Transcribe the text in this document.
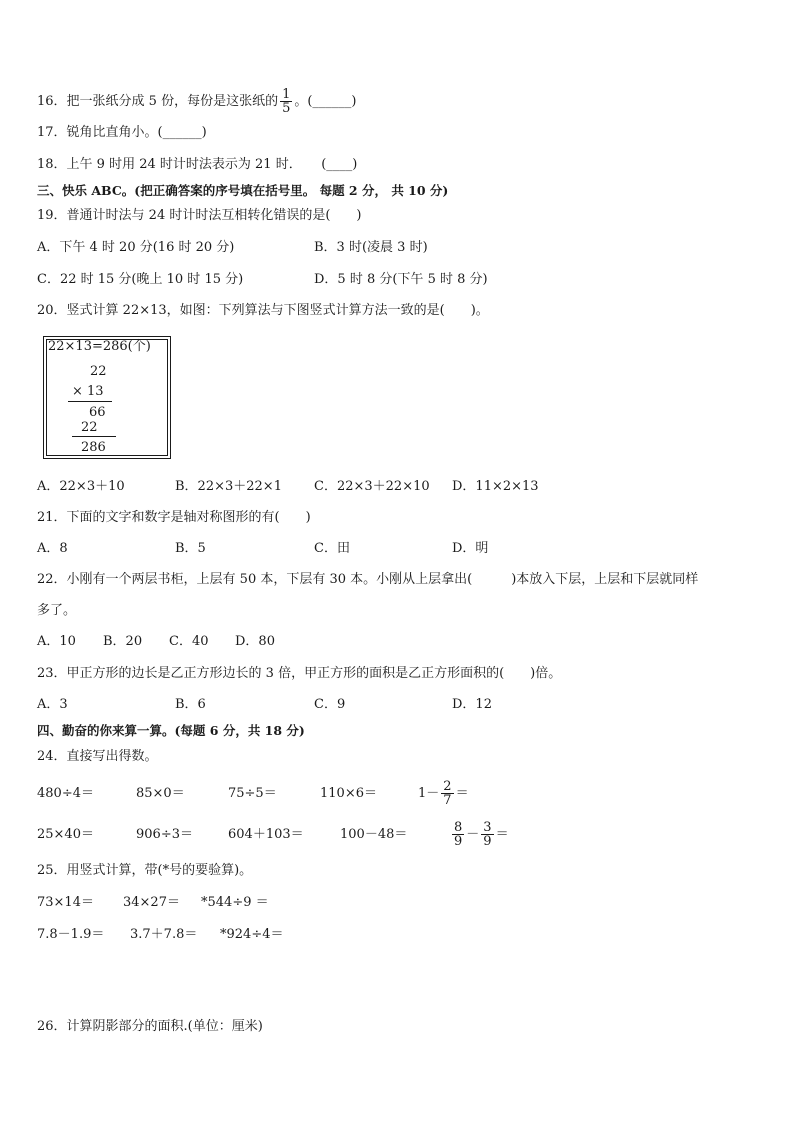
16．把一张纸分成 5 份，每份是这张纸的 $\frac{1}{5}$ 。(______)
17．锐角比直角小。(______)
18．上午 9 时用 24 时计时法表示为 21 时．　　(____)
三、快乐 ABC。(把正确答案的序号填在括号里。 每题 2 分， 共 10 分)
19．普通计时法与 24 时计时法互相转化错误的是(　　)
A．下午 4 时 20 分(16 时 20 分)	B．3 时(凌晨 3 时)
C．22 时 15 分(晚上 10 时 15 分)	D．5 时 8 分(下午 5 时 8 分)
20．竖式计算 22×13，如图：下列算法与下图竖式计算方法一致的是(　　)。
22×13=286(个)
22
× 13
66
22
286
A．22×3＋10	B．22×3＋22×1 C．22×3＋22×10 D．11×2×13
21．下面的文字和数字是轴对称图形的有(　　)
A．8	B．5	C．田	D．明
22．小刚有一个两层书柜，上层有 50 本，下层有 30 本。小刚从上层拿出(　　　)本放入下层，上层和下层就同样
多了。
A．10 B．20 C．40 D．80
23．甲正方形的边长是乙正方形边长的 3 倍，甲正方形的面积是乙正方形面积的(　　)倍。
A．3	B．6	C．9	D．12
四、勤奋的你来算一算。(每题 6 分，共 18 分)
24．直接写出得数。
480÷4＝	85×0＝	75÷5＝	110×6＝	$1- \frac{2}{7}$ ＝
25×40＝	906÷3＝	604＋103＝	100－48＝	$\frac{8}{9} - \frac{3}{9}$ ＝
25．用竖式计算，带(*号的要验算)。
73×14＝ 34×27＝ *544÷9 ＝
7.8－1.9＝ 3.7＋7.8＝ *924÷4＝
26．计算阴影部分的面积.(单位：厘米)
